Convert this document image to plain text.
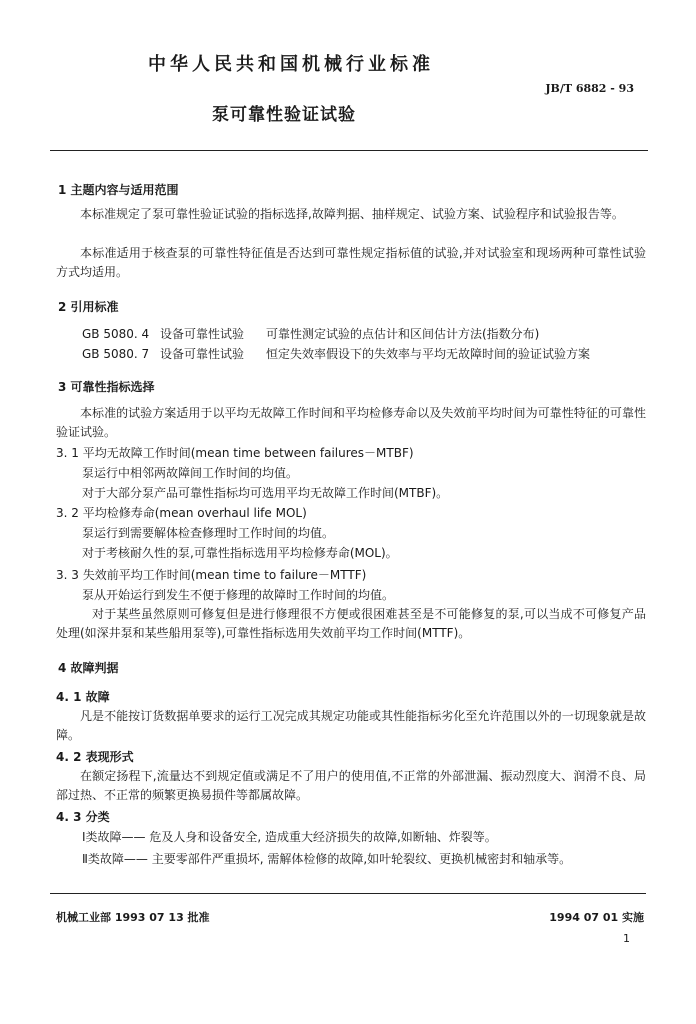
中华人民共和国机械行业标准
JB/T 6882 - 93
泵可靠性验证试验
1 主题内容与适用范围
本标准规定了泵可靠性验证试验的指标选择,故障判据、抽样规定、试验方案、试验程序和试验报告等。
本标准适用于核查泵的可靠性特征值是否达到可靠性规定指标值的试验,并对试验室和现场两种可靠性试验方式均适用。
2 引用标准
GB 5080. 4 设备可靠性试验 可靠性测定试验的点估计和区间估计方法(指数分布)
GB 5080. 7 设备可靠性试验 恒定失效率假设下的失效率与平均无故障时间的验证试验方案
3 可靠性指标选择
本标准的试验方案适用于以平均无故障工作时间和平均检修寿命以及失效前平均时间为可靠性特征的可靠性验证试验。
3. 1 平均无故障工作时间(mean time between failures－MTBF)
泵运行中相邻两故障间工作时间的均值。
对于大部分泵产品可靠性指标均可选用平均无故障工作时间(MTBF)。
3. 2 平均检修寿命(mean overhaul life MOL)
泵运行到需要解体检查修理时工作时间的均值。
对于考核耐久性的泵,可靠性指标选用平均检修寿命(MOL)。
3. 3 失效前平均工作时间(mean time to failure－MTTF)
泵从开始运行到发生不便于修理的故障时工作时间的均值。
对于某些虽然原则可修复但是进行修理很不方便或很困难甚至是不可能修复的泵,可以当成不可修复产品处理(如深井泵和某些船用泵等),可靠性指标选用失效前平均工作时间(MTTF)。
4 故障判据
4. 1 故障
凡是不能按订货数据单要求的运行工况完成其规定功能或其性能指标劣化至允许范围以外的一切现象就是故障。
4. 2 表现形式
在额定扬程下,流量达不到规定值或满足不了用户的使用值,不正常的外部泄漏、振动烈度大、润滑不良、局部过热、不正常的频繁更换易损件等都属故障。
4. 3 分类
Ⅰ类故障—— 危及人身和设备安全, 造成重大经济损失的故障,如断轴、炸裂等。
Ⅱ类故障—— 主要零部件严重损坏, 需解体检修的故障,如叶轮裂纹、更换机械密封和轴承等。
机械工业部 1993 07 13 批准	1994 07 01 实施
1
